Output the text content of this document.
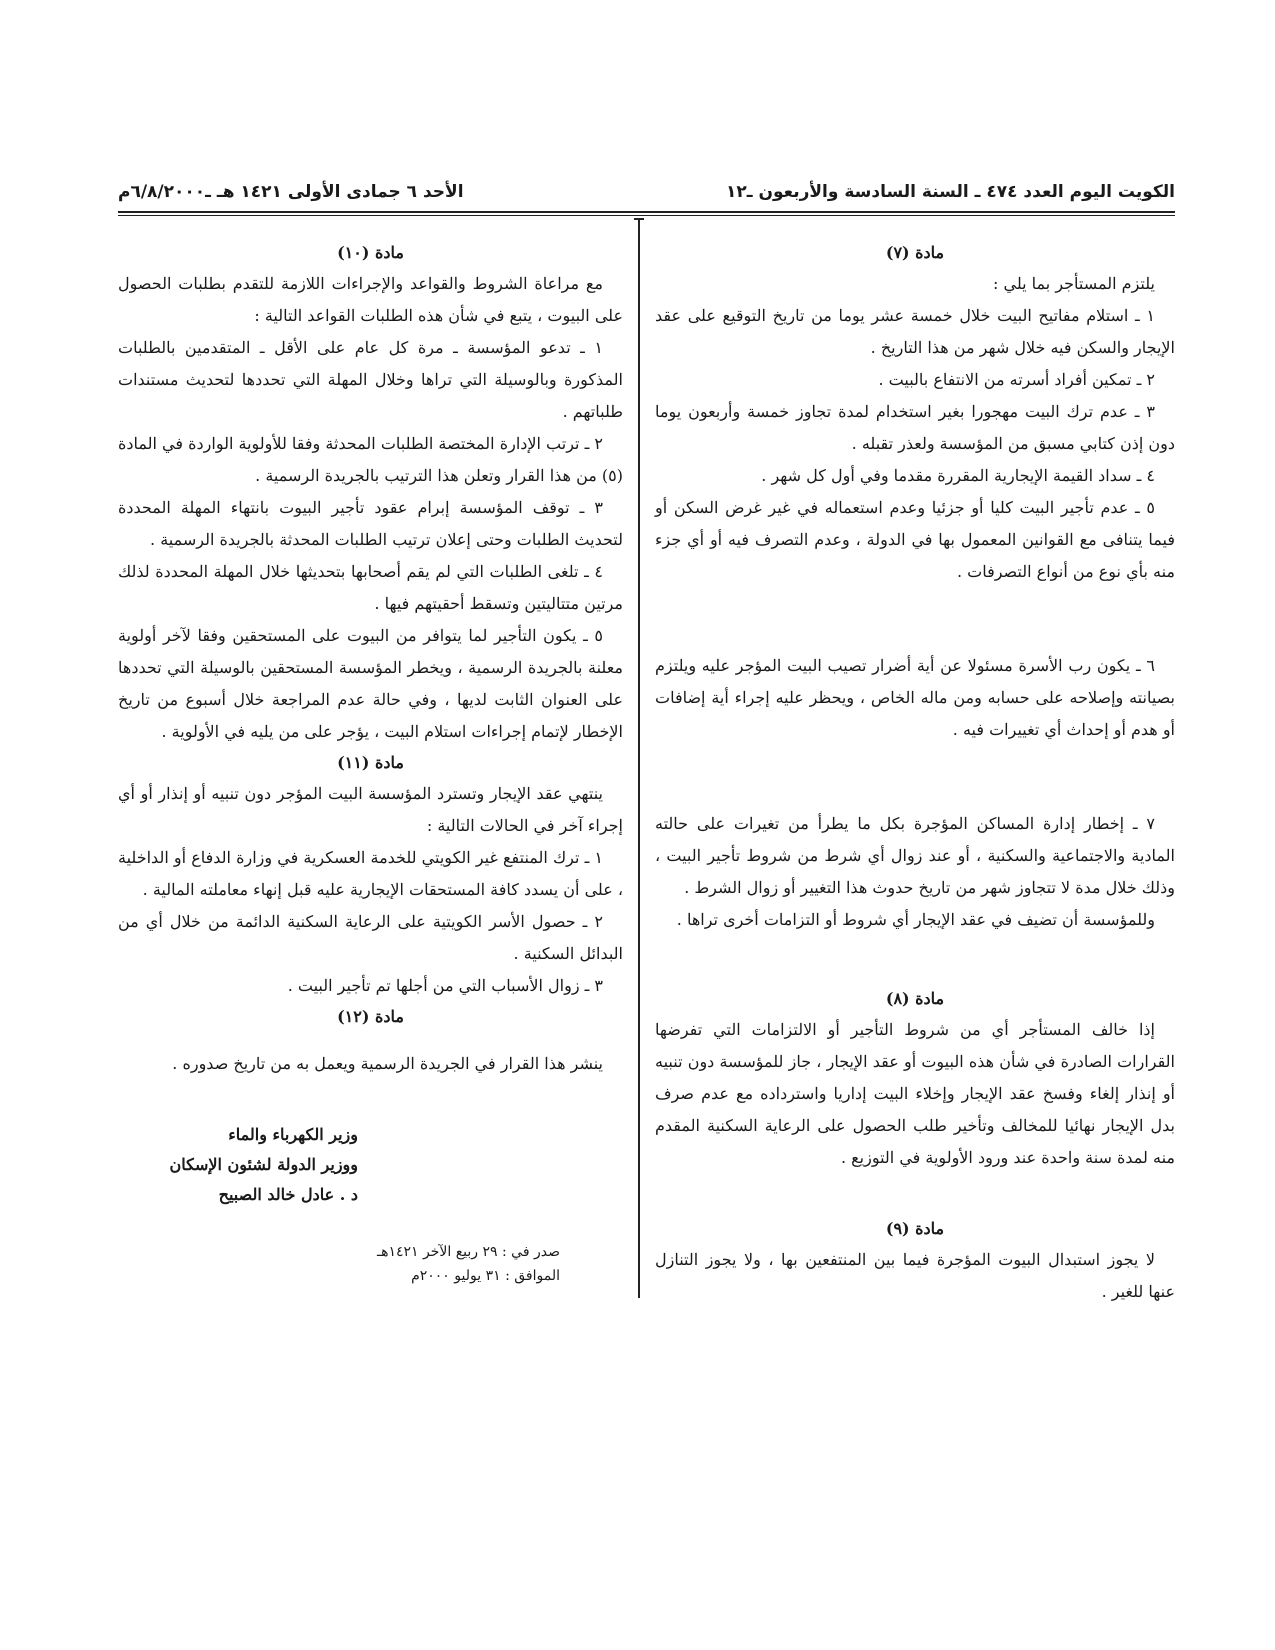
الكويت اليوم العدد ٤٧٤ ـ السنة السادسة والأربعون ـ١٢
الأحد ٦ جمادى الأولى ١٤٢١ هـ ـ٦/٨/٢٠٠٠م

مادة (٧)

يلتزم المستأجر بما يلي :

١ ـ استلام مفاتيح البيت خلال خمسة عشر يوما من تاريخ التوقيع على عقد الإيجار والسكن فيه خلال شهر من هذا التاريخ .

٢ ـ تمكين أفراد أسرته من الانتفاع بالبيت .

٣ ـ عدم ترك البيت مهجورا بغير استخدام لمدة تجاوز خمسة وأربعون يوما دون إذن كتابي مسبق من المؤسسة ولعذر تقبله .

٤ ـ سداد القيمة الإيجارية المقررة مقدما وفي أول كل شهر .

٥ ـ عدم تأجير البيت كليا أو جزئيا وعدم استعماله في غير غرض السكن أو فيما يتنافى مع القوانين المعمول بها في الدولة ، وعدم التصرف فيه أو أي جزء منه بأي نوع من أنواع التصرفات .

٦ ـ يكون رب الأسرة مسئولا عن أية أضرار تصيب البيت المؤجر عليه ويلتزم بصيانته وإصلاحه على حسابه ومن ماله الخاص ، ويحظر عليه إجراء أية إضافات أو هدم أو إحداث أي تغييرات فيه .

٧ ـ إخطار إدارة المساكن المؤجرة بكل ما يطرأ من تغيرات على حالته المادية والاجتماعية والسكنية ، أو عند زوال أي شرط من شروط تأجير البيت ، وذلك خلال مدة لا تتجاوز شهر من تاريخ حدوث هذا التغيير أو زوال الشرط .

وللمؤسسة أن تضيف في عقد الإيجار أي شروط أو التزامات أخرى تراها .

مادة (٨)

إذا خالف المستأجر أي من شروط التأجير أو الالتزامات التي تفرضها القرارات الصادرة في شأن هذه البيوت أو عقد الإيجار ، جاز للمؤسسة دون تنبيه أو إنذار إلغاء وفسخ عقد الإيجار وإخلاء البيت إداريا واسترداده مع عدم صرف بدل الإيجار نهائيا للمخالف وتأخير طلب الحصول على الرعاية السكنية المقدم منه لمدة سنة واحدة عند ورود الأولوية في التوزيع .

مادة (٩)

لا يجوز استبدال البيوت المؤجرة فيما بين المنتفعين بها ، ولا يجوز التنازل عنها للغير .

مادة (١٠)

مع مراعاة الشروط والقواعد والإجراءات اللازمة للتقدم بطلبات الحصول على البيوت ، يتبع في شأن هذه الطلبات القواعد التالية :

١ ـ تدعو المؤسسة ـ مرة كل عام على الأقل ـ المتقدمين بالطلبات المذكورة وبالوسيلة التي تراها وخلال المهلة التي تحددها لتحديث مستندات طلباتهم .

٢ ـ ترتب الإدارة المختصة الطلبات المحدثة وفقا للأولوية الواردة في المادة (٥) من هذا القرار وتعلن هذا الترتيب بالجريدة الرسمية .

٣ ـ توقف المؤسسة إبرام عقود تأجير البيوت بانتهاء المهلة المحددة لتحديث الطلبات وحتى إعلان ترتيب الطلبات المحدثة بالجريدة الرسمية .

٤ ـ تلغى الطلبات التي لم يقم أصحابها بتحديثها خلال المهلة المحددة لذلك مرتين متتاليتين وتسقط أحقيتهم فيها .

٥ ـ يكون التأجير لما يتوافر من البيوت على المستحقين وفقا لآخر أولوية معلنة بالجريدة الرسمية ، ويخطر المؤسسة المستحقين بالوسيلة التي تحددها على العنوان الثابت لديها ، وفي حالة عدم المراجعة خلال أسبوع من تاريخ الإخطار لإتمام إجراءات استلام البيت ، يؤجر على من يليه في الأولوية .

مادة (١١)

ينتهي عقد الإيجار وتسترد المؤسسة البيت المؤجر دون تنبيه أو إنذار أو أي إجراء آخر في الحالات التالية :

١ ـ ترك المنتفع غير الكويتي للخدمة العسكرية في وزارة الدفاع أو الداخلية ، على أن يسدد كافة المستحقات الإيجارية عليه قبل إنهاء معاملته المالية .

٢ ـ حصول الأسر الكويتية على الرعاية السكنية الدائمة من خلال أي من البدائل السكنية .

٣ ـ زوال الأسباب التي من أجلها تم تأجير البيت .

مادة (١٢)

ينشر هذا القرار في الجريدة الرسمية ويعمل به من تاريخ صدوره .

وزير الكهرباء والماء
ووزير الدولة لشئون الإسكان
د . عادل خالد الصبيح
صدر في : ٢٩ ربيع الآخر ١٤٢١هـ
الموافق : ٣١ يوليو ٢٠٠٠م
